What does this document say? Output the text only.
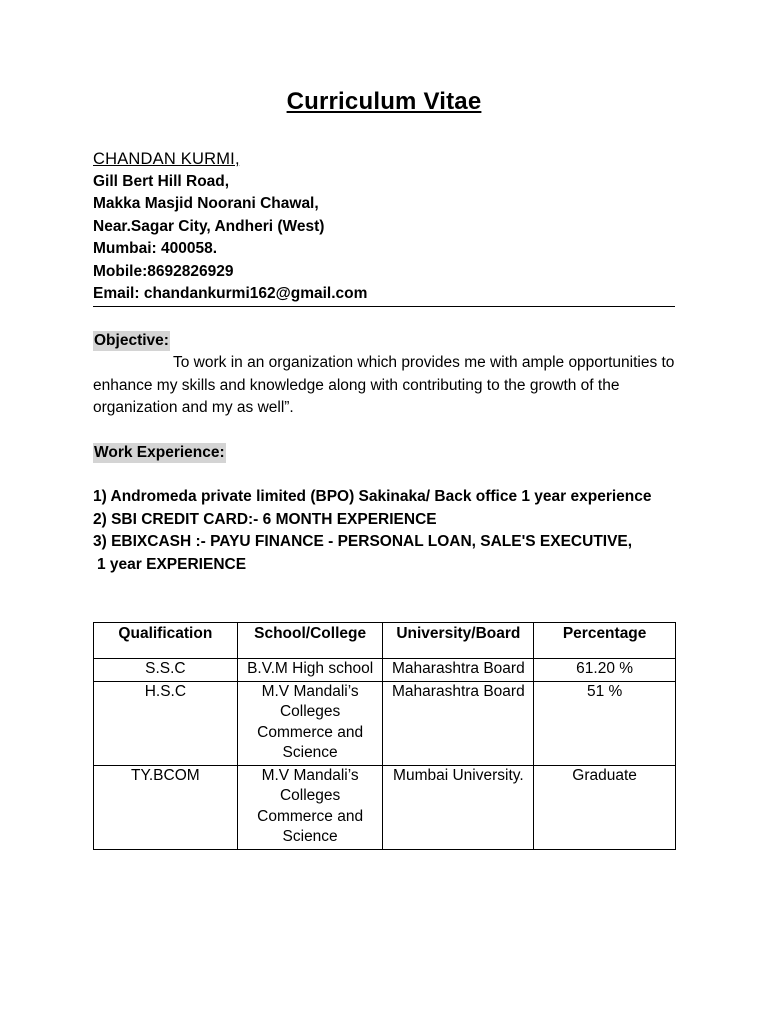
Curriculum Vitae
CHANDAN KURMI,
Gill Bert Hill Road,
Makka Masjid Noorani Chawal,
Near.Sagar City, Andheri (West)
Mumbai: 400058.
Mobile:8692826929
Email: chandankurmi162@gmail.com
Objective:
To work in an organization which provides me with ample opportunities to enhance my skills and knowledge along with contributing to the growth of the organization and my as well”.
Work Experience:
1) Andromeda private limited (BPO) Sakinaka/ Back office 1 year experience
2) SBI CREDIT CARD:- 6 MONTH EXPERIENCE
3) EBIXCASH :- PAYU FINANCE - PERSONAL LOAN, SALE'S EXECUTIVE,
1 year EXPERIENCE
Qualification	School/College	University/Board	Percentage
S.S.C	B.V.M High school	Maharashtra Board	61.20 %
H.S.C	M.V Mandali’s Colleges Commerce and Science	Maharashtra Board	51 %
TY.BCOM	M.V Mandali’s Colleges Commerce and Science	Mumbai University.	Graduate
